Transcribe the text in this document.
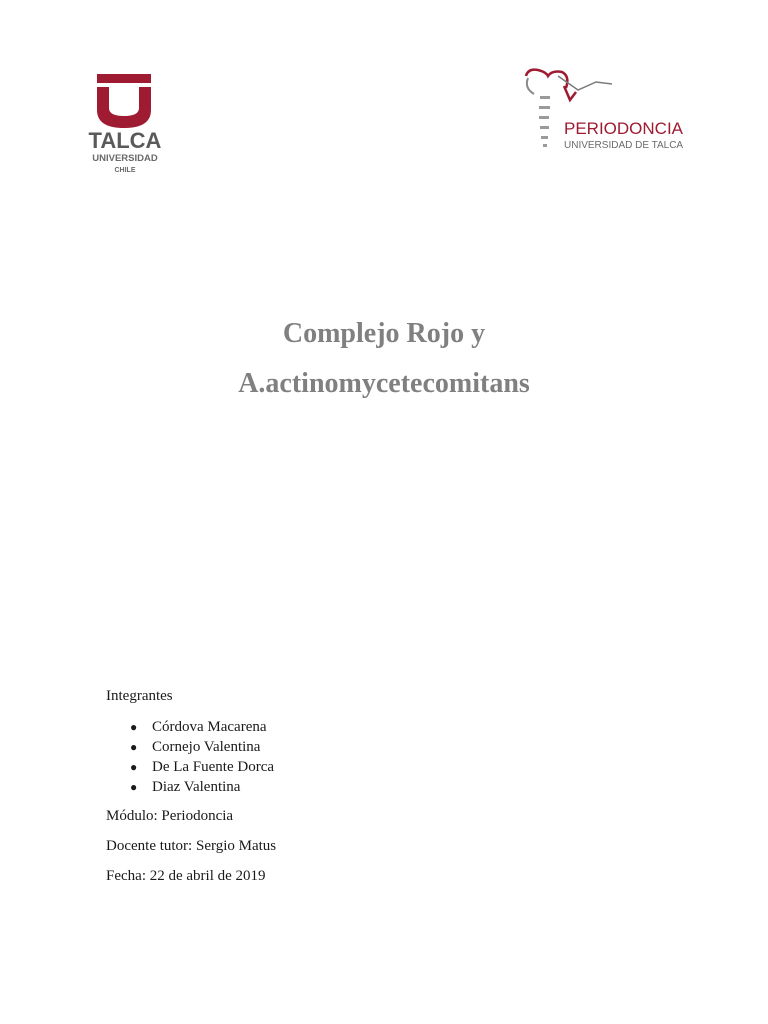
TALCA
UNIVERSIDAD
CHILE
PERIODONCIA
UNIVERSIDAD DE TALCA
Complejo Rojo y
A.actinomycetecomitans

Integrantes

● Córdova Macarena
● Cornejo Valentina
● De La Fuente Dorca
● Diaz Valentina

Módulo: Periodoncia

Docente tutor: Sergio Matus

Fecha: 22 de abril de 2019
